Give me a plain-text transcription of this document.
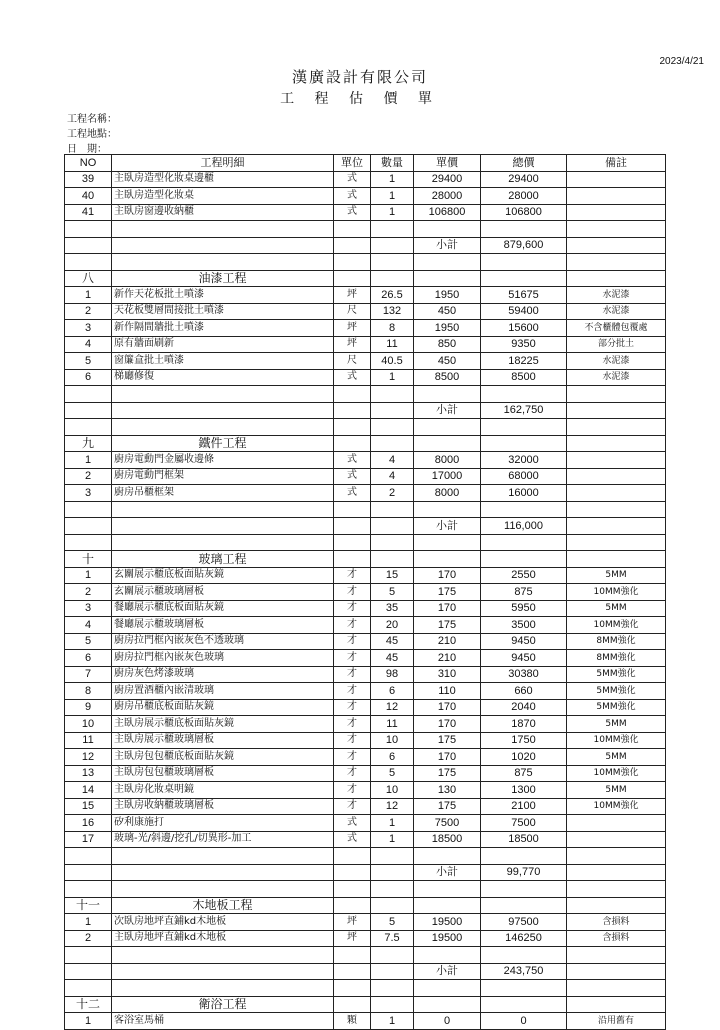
2023/4/21
漢廣設計有限公司
工 程 估 價 單
工程名稱：
工程地點：
日　期：
NO	工程明細	單位	數量	單價	總價	備註
39	主臥房造型化妝桌邊櫃	式	1	29400	29400	
40	主臥房造型化妝桌	式	1	28000	28000	
41	主臥房窗邊收納櫃	式	1	106800	106800	

				小計	879,600	

八	油漆工程					
1	新作天花板批土噴漆	坪	26.5	1950	51675	水泥漆
2	天花板雙層間接批土噴漆	尺	132	450	59400	水泥漆
3	新作隔間牆批土噴漆	坪	8	1950	15600	不含櫃體包覆處
4	原有牆面刷新	坪	11	850	9350	部分批土
5	窗簾盒批土噴漆	尺	40.5	450	18225	水泥漆
6	梯廳修復	式	1	8500	8500	水泥漆

				小計	162,750	

九	鐵件工程					
1	廚房電動門金屬收邊條	式	4	8000	32000	
2	廚房電動門框架	式	4	17000	68000	
3	廚房吊櫃框架	式	2	8000	16000	

				小計	116,000	

十	玻璃工程					
1	玄關展示櫃底板面貼灰鏡	才	15	170	2550	5MM
2	玄關展示櫃玻璃層板	才	5	175	875	10MM強化
3	餐廳展示櫃底板面貼灰鏡	才	35	170	5950	5MM
4	餐廳展示櫃玻璃層板	才	20	175	3500	10MM強化
5	廚房拉門框內嵌灰色不透玻璃	才	45	210	9450	8MM強化
6	廚房拉門框內嵌灰色玻璃	才	45	210	9450	8MM強化
7	廚房灰色烤漆玻璃	才	98	310	30380	5MM強化
8	廚房置酒櫃內嵌清玻璃	才	6	110	660	5MM強化
9	廚房吊櫃底板面貼灰鏡	才	12	170	2040	5MM強化
10	主臥房展示櫃底板面貼灰鏡	才	11	170	1870	5MM
11	主臥房展示櫃玻璃層板	才	10	175	1750	10MM強化
12	主臥房包包櫃底板面貼灰鏡	才	6	170	1020	5MM
13	主臥房包包櫃玻璃層板	才	5	175	875	10MM強化
14	主臥房化妝桌明鏡	才	10	130	1300	5MM
15	主臥房收納櫃玻璃層板	才	12	175	2100	10MM強化
16	矽利康施打	式	1	7500	7500	
17	玻璃-光/斜邊/挖孔/切異形-加工	式	1	18500	18500	

				小計	99,770	

十一	木地板工程					
1	次臥房地坪直鋪kd木地板	坪	5	19500	97500	含損料
2	主臥房地坪直鋪kd木地板	坪	7.5	19500	146250	含損料

				小計	243,750	

十二	衛浴工程					
1	客浴室馬桶	顆	1	0	0	沿用舊有
